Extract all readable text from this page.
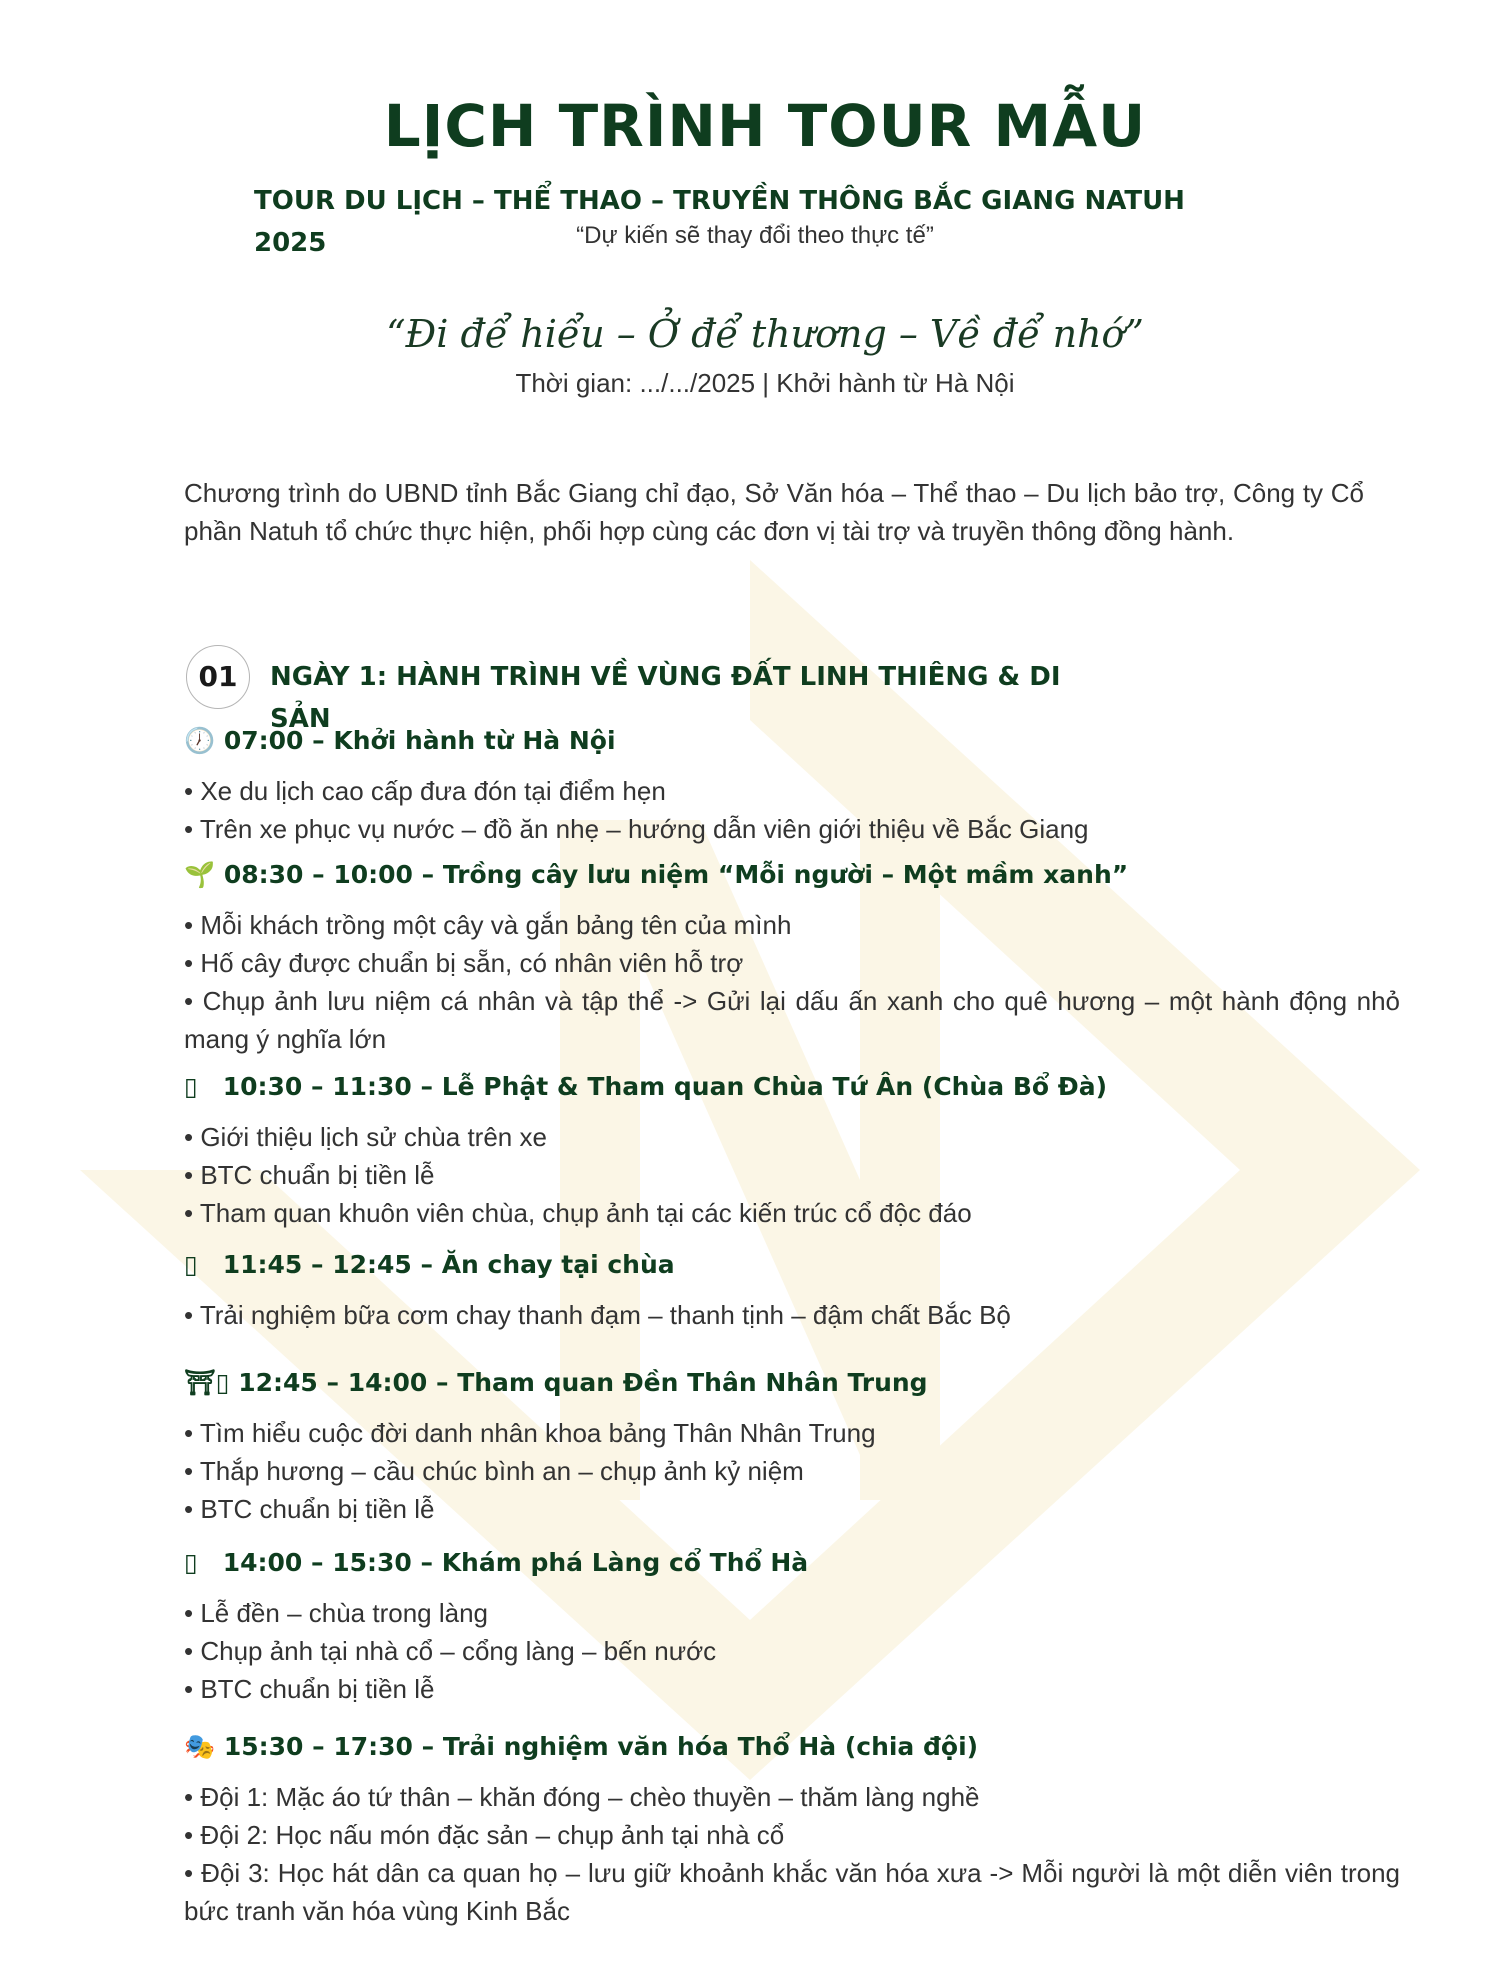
LỊCH TRÌNH TOUR MẪU
TOUR DU LỊCH – THỂ THAO – TRUYỀN THÔNG BẮC GIANG NATUH 2025	“Dự kiến sẽ thay đổi theo thực tế”
“Đi để hiểu – Ở để thương – Về để nhớ”
Thời gian: .../.../2025 | Khởi hành từ Hà Nội
Chương trình do UBND tỉnh Bắc Giang chỉ đạo, Sở Văn hóa – Thể thao – Du lịch bảo trợ, Công ty Cổ phần Natuh tổ chức thực hiện, phối hợp cùng các đơn vị tài trợ và truyền thông đồng hành.
01	NGÀY 1: HÀNH TRÌNH VỀ VÙNG ĐẤT LINH THIÊNG & DI SẢN
🕖 07:00 – Khởi hành từ Hà Nội
• Xe du lịch cao cấp đưa đón tại điểm hẹn
• Trên xe phục vụ nước – đồ ăn nhẹ – hướng dẫn viên giới thiệu về Bắc Giang
🌱 08:30 – 10:00 – Trồng cây lưu niệm “Mỗi người – Một mầm xanh”
• Mỗi khách trồng một cây và gắn bảng tên của mình
• Hố cây được chuẩn bị sẵn, có nhân viên hỗ trợ
• Chụp ảnh lưu niệm cá nhân và tập thể -> Gửi lại dấu ấn xanh cho quê hương – một hành động nhỏ mang ý nghĩa lớn
▯ 10:30 – 11:30 – Lễ Phật & Tham quan Chùa Tứ Ân (Chùa Bổ Đà)
• Giới thiệu lịch sử chùa trên xe
• BTC chuẩn bị tiền lễ
• Tham quan khuôn viên chùa, chụp ảnh tại các kiến trúc cổ độc đáo
▯ 11:45 – 12:45 – Ăn chay tại chùa
• Trải nghiệm bữa cơm chay thanh đạm – thanh tịnh – đậm chất Bắc Bộ
⛩▯ 12:45 – 14:00 – Tham quan Đền Thân Nhân Trung
• Tìm hiểu cuộc đời danh nhân khoa bảng Thân Nhân Trung
• Thắp hương – cầu chúc bình an – chụp ảnh kỷ niệm
• BTC chuẩn bị tiền lễ
▯ 14:00 – 15:30 – Khám phá Làng cổ Thổ Hà
• Lễ đền – chùa trong làng
• Chụp ảnh tại nhà cổ – cổng làng – bến nước
• BTC chuẩn bị tiền lễ
🎭 15:30 – 17:30 – Trải nghiệm văn hóa Thổ Hà (chia đội)
• Đội 1: Mặc áo tứ thân – khăn đóng – chèo thuyền – thăm làng nghề
• Đội 2: Học nấu món đặc sản – chụp ảnh tại nhà cổ
• Đội 3: Học hát dân ca quan họ – lưu giữ khoảnh khắc văn hóa xưa -> Mỗi người là một diễn viên trong bức tranh văn hóa vùng Kinh Bắc
